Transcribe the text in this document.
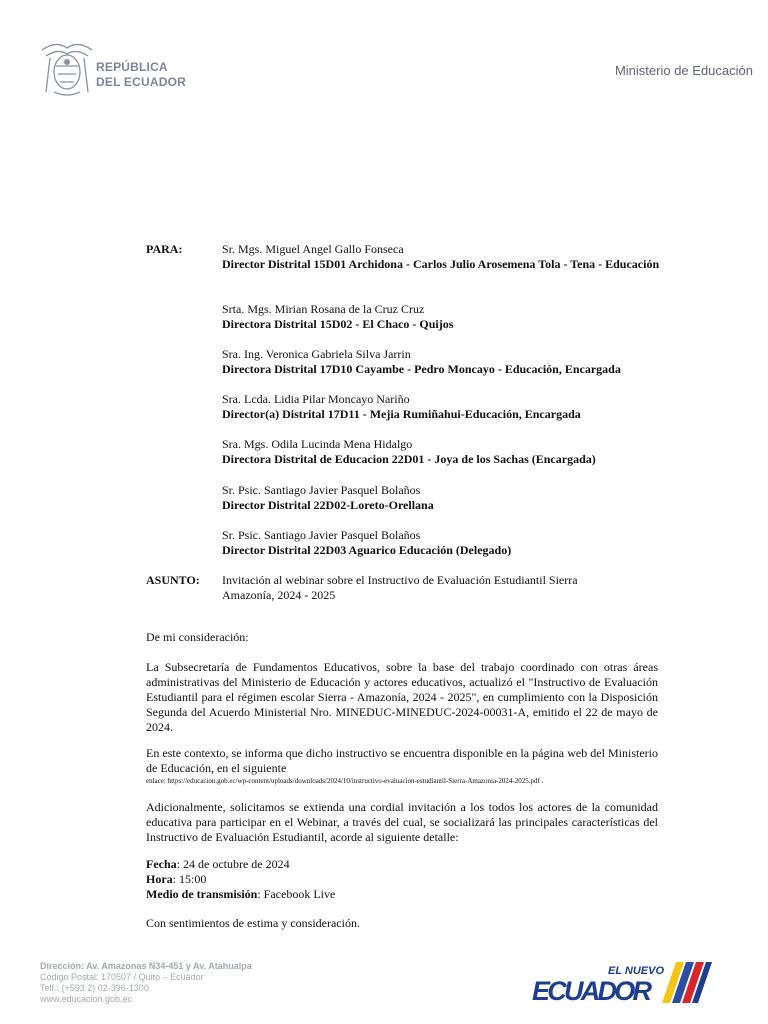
REPÚBLICA
DEL ECUADOR
Ministerio de Educación
PARA:	Sr. Mgs. Miguel Angel Gallo Fonseca
Director Distrital 15D01 Archidona - Carlos Julio Arosemena Tola - Tena - Educación
Srta. Mgs. Mirian Rosana de la Cruz Cruz
Directora Distrital 15D02 - El Chaco - Quijos
Sra. Ing. Veronica Gabriela Silva Jarrin
Directora Distrital 17D10 Cayambe - Pedro Moncayo - Educación, Encargada
Sra. Lcda. Lidia Pilar Moncayo Nariño
Director(a) Distrital 17D11 - Mejia Rumiñahui-Educación, Encargada
Sra. Mgs. Odila Lucinda Mena Hidalgo
Directora Distrital de Educacion 22D01 - Joya de los Sachas (Encargada)
Sr. Psic. Santiago Javier Pasquel Bolaños
Director Distrital 22D02-Loreto-Orellana
Sr. Psic. Santiago Javier Pasquel Bolaños
Director Distrital 22D03 Aguarico Educación (Delegado)
ASUNTO: Invitación al webinar sobre el Instructivo de Evaluación Estudiantil Sierra Amazonía, 2024 - 2025

De mi consideración:

La Subsecretaría de Fundamentos Educativos, sobre la base del trabajo coordinado con otras áreas administrativas del Ministerio de Educación y actores educativos, actualizó el "Instructivo de Evaluación Estudiantil para el régimen escolar Sierra - Amazonía, 2024 - 2025", en cumplimiento con la Disposición Segunda del Acuerdo Ministerial Nro. MINEDUC-MINEDUC-2024-00031-A, emitido el 22 de mayo de 2024.

En este contexto, se informa que dicho instructivo se encuentra disponible en la página web del Ministerio de Educación, en el siguiente
enlace: https://educacion.gob.ec/wp-content/uploads/downloads/2024/10/instructivo-evaluacion-estudiantil-Sierra-Amazonia-2024-2025.pdf .

Adicionalmente, solicitamos se extienda una cordial invitación a los todos los actores de la comunidad educativa para participar en el Webinar, a través del cual, se socializará las principales características del Instructivo de Evaluación Estudiantil, acorde al siguiente detalle:

Fecha: 24 de octubre de 2024
Hora: 15:00
Medio de transmisión: Facebook Live

Con sentimientos de estima y consideración.

Dirección: Av. Amazonas N34-451 y Av. Atahualpa
Código Postal: 170507 / Quito – Ecuador
Telf.: (+593 2) 02-396-1300
www.educacion.gob.ec
EL NUEVO
ECUADOR
